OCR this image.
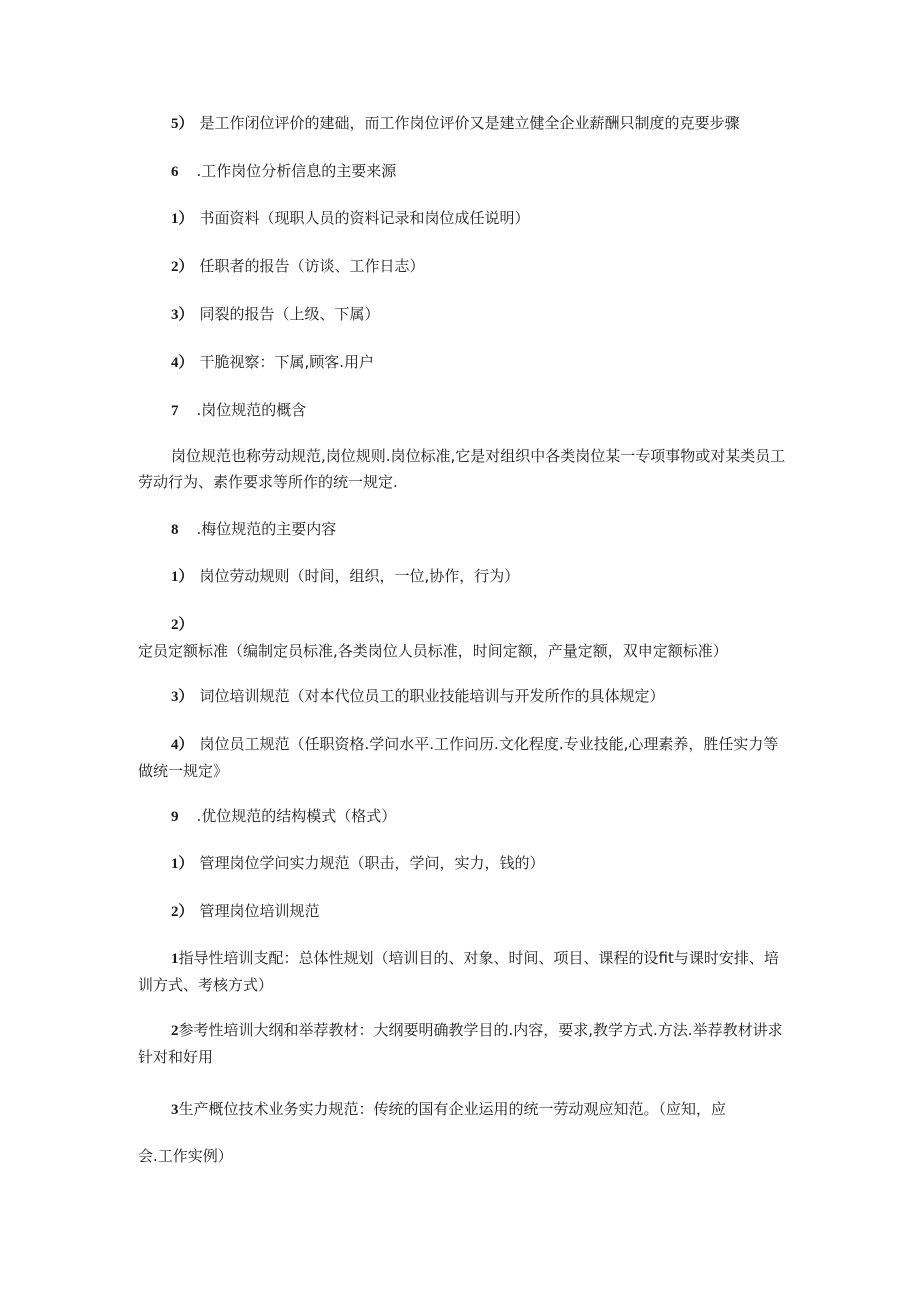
5） 是工作闭位评价的建础，而工作岗位评价又是建立健全企业薪酬只制度的克要步骤
6 .工作岗位分析信息的主要来源
1） 书面资料（现职人员的资料记录和岗位成任说明）
2） 任职者的报告（访谈、工作日志）
3） 同裂的报告（上级、下属）
4） 干脆视察：下属,顾客.用户
7 .岗位规范的概含
岗位规范也称劳动规范,岗位规则.岗位标准,它是对组织中各类岗位某一专项事物或对某类员工劳动行为、素作要求等所作的统一规定.
8 .梅位规范的主要内容
1） 岗位劳动规则（时间，组织，一位,协作，行为）
2）定员定额标准（编制定员标准,各类岗位人员标准，时间定额，产量定额，双申定额标准）
3） 词位培训规范（对本代位员工的职业技能培训与开发所作的具体规定）
4） 岗位员工规范（任职资格.学问水平.工作问历.文化程度.专业技能,心理素养，胜任实力等做统一规定》
9 .优位规范的结构模式（格式）
1） 管理岗位学问实力规范（职击，学问，实力，钱的）
2） 管理岗位培训规范
1指导性培训支配：总体性规划（培训目的、对象、时间、项目、课程的设fit与课时安排、培训方式、考核方式）
2参考性培训大纲和举荐教材：大纲要明确教学目的.内容，要求,教学方式.方法.举荐教材讲求针对和好用
3生产概位技术业务实力规范：传统的国有企业运用的统一劳动观应知范。（应知，应
会.工作实例）
